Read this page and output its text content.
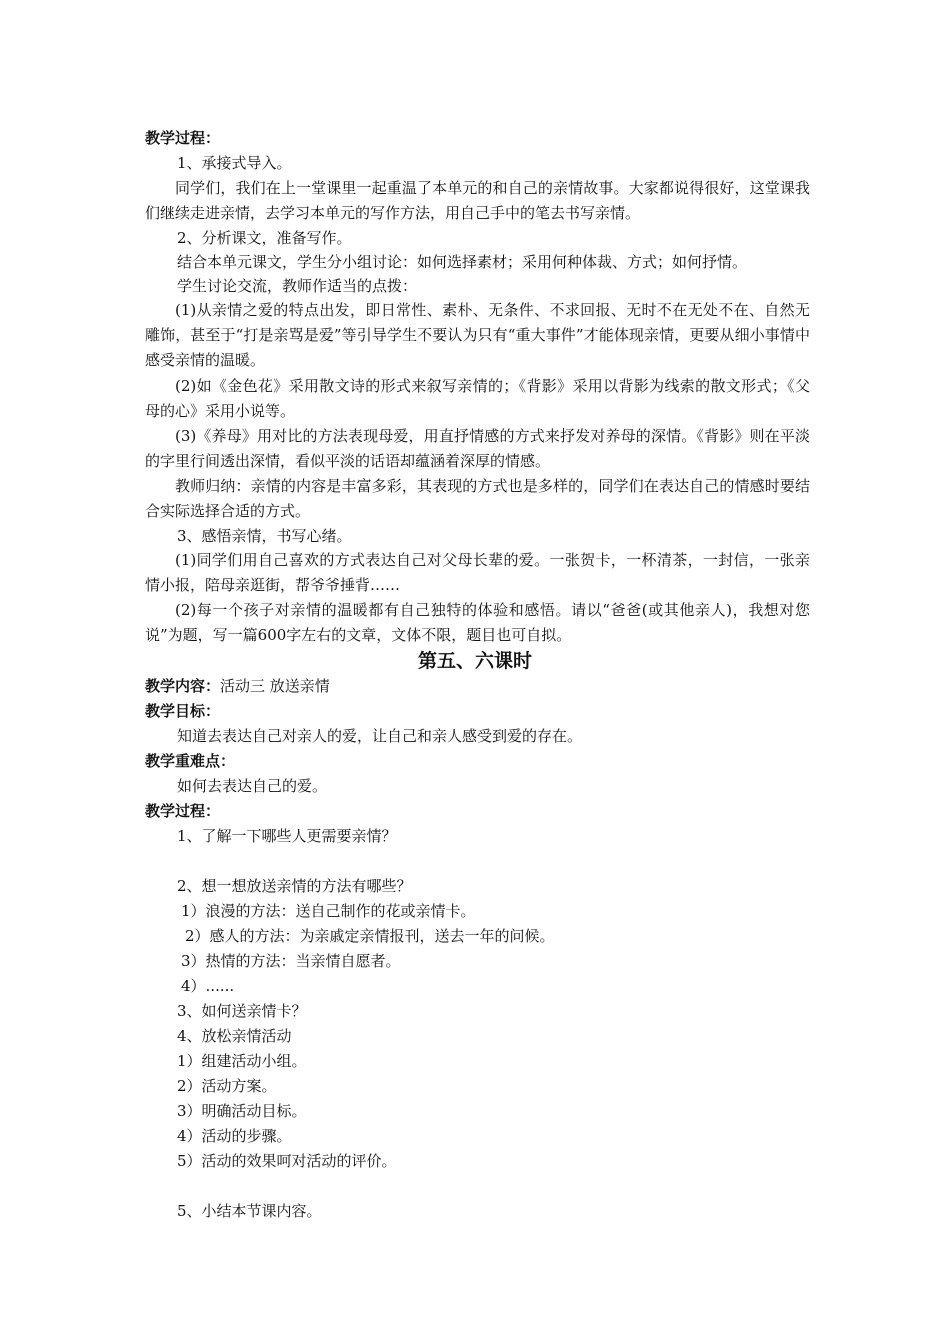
教学过程：
1、承接式导入。
同学们，我们在上一堂课里一起重温了本单元的和自己的亲情故事。大家都说得很好，这堂课我们继续走进亲情，去学习本单元的写作方法，用自己手中的笔去书写亲情。
2、分析课文，准备写作。
结合本单元课文，学生分小组讨论：如何选择素材；采用何种体裁、方式；如何抒情。
学生讨论交流，教师作适当的点拨：
(1)从亲情之爱的特点出发，即日常性、素朴、无条件、不求回报、无时不在无处不在、自然无雕饰，甚至于“打是亲骂是爱”等引导学生不要认为只有“重大事件”才能体现亲情，更要从细小事情中感受亲情的温暖。
(2)如《金色花》采用散文诗的形式来叙写亲情的；《背影》采用以背影为线索的散文形式；《父母的心》采用小说等。
(3)《养母》用对比的方法表现母爱，用直抒情感的方式来抒发对养母的深情。《背影》则在平淡的字里行间透出深情，看似平淡的话语却蕴涵着深厚的情感。
教师归纳：亲情的内容是丰富多彩，其表现的方式也是多样的，同学们在表达自己的情感时要结合实际选择合适的方式。
3、感悟亲情，书写心绪。
(1)同学们用自己喜欢的方式表达自己对父母长辈的爱。一张贺卡，一杯清茶，一封信，一张亲情小报，陪母亲逛街，帮爷爷捶背……
(2)每一个孩子对亲情的温暖都有自己独特的体验和感悟。请以“爸爸(或其他亲人)，我想对您说”为题，写一篇600字左右的文章，文体不限，题目也可自拟。
第五、六课时
教学内容：活动三 放送亲情
教学目标：
知道去表达自己对亲人的爱，让自己和亲人感受到爱的存在。
教学重难点：
如何去表达自己的爱。
教学过程：
1、了解一下哪些人更需要亲情？
2、想一想放送亲情的方法有哪些？
1）浪漫的方法：送自己制作的花或亲情卡。
2）感人的方法：为亲戚定亲情报刊，送去一年的问候。
3）热情的方法：当亲情自愿者。
4）......
3、如何送亲情卡？
4、放松亲情活动
1）组建活动小组。
2）活动方案。
3）明确活动目标。
4）活动的步骤。
5）活动的效果呵对活动的评价。
5、小结本节课内容。
